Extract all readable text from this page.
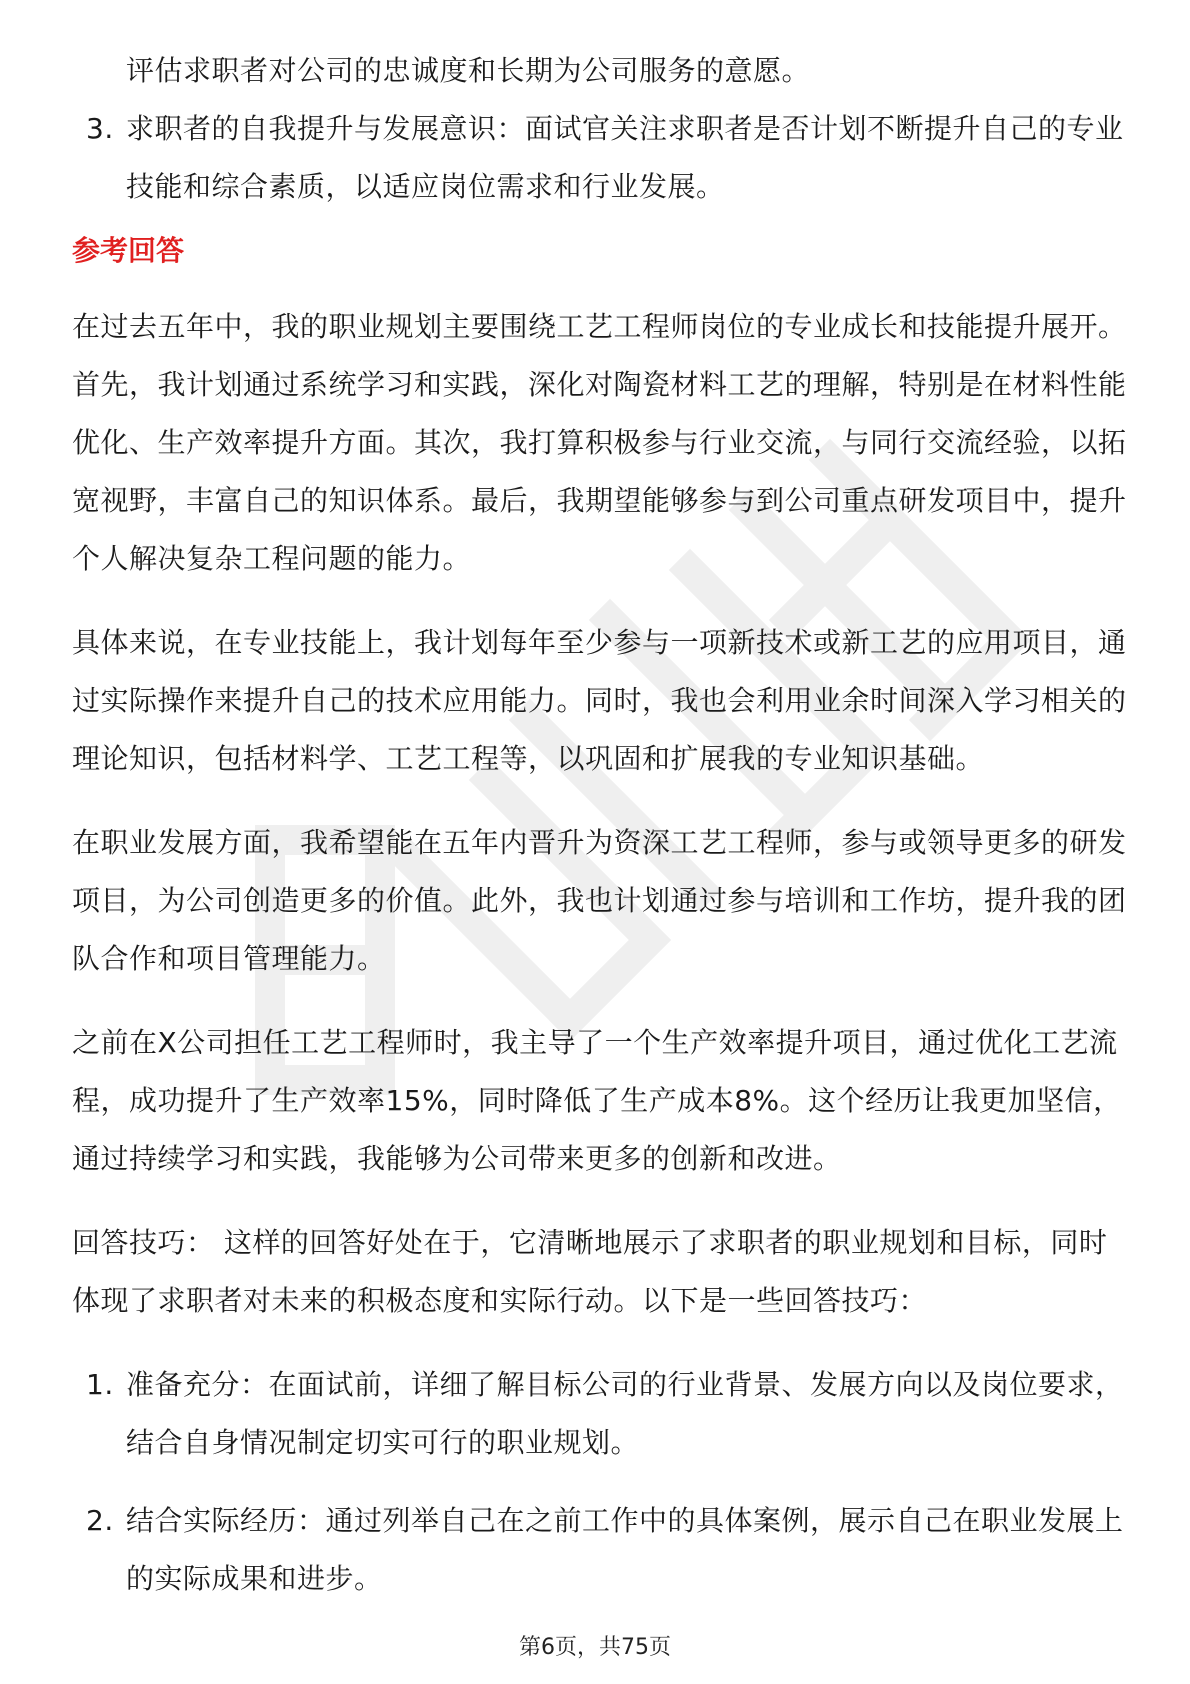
评估求职者对公司的忠诚度和长期为公司服务的意愿。
3. 求职者的自我提升与发展意识：面试官关注求职者是否计划不断提升自己的专业技能和综合素质，以适应岗位需求和行业发展。
参考回答

在过去五年中，我的职业规划主要围绕工艺工程师岗位的专业成长和技能提升展开。首先，我计划通过系统学习和实践，深化对陶瓷材料工艺的理解，特别是在材料性能优化、生产效率提升方面。其次，我打算积极参与行业交流，与同行交流经验，以拓宽视野，丰富自己的知识体系。最后，我期望能够参与到公司重点研发项目中，提升个人解决复杂工程问题的能力。

具体来说，在专业技能上，我计划每年至少参与一项新技术或新工艺的应用项目，通过实际操作来提升自己的技术应用能力。同时，我也会利用业余时间深入学习相关的理论知识，包括材料学、工艺工程等，以巩固和扩展我的专业知识基础。

在职业发展方面，我希望能在五年内晋升为资深工艺工程师，参与或领导更多的研发项目，为公司创造更多的价值。此外，我也计划通过参与培训和工作坊，提升我的团队合作和项目管理能力。

之前在X公司担任工艺工程师时，我主导了一个生产效率提升项目，通过优化工艺流程，成功提升了生产效率15%，同时降低了生产成本8%。这个经历让我更加坚信，通过持续学习和实践，我能够为公司带来更多的创新和改进。

回答技巧： 这样的回答好处在于，它清晰地展示了求职者的职业规划和目标，同时体现了求职者对未来的积极态度和实际行动。以下是一些回答技巧：

1. 准备充分：在面试前，详细了解目标公司的行业背景、发展方向以及岗位要求，结合自身情况制定切实可行的职业规划。
2. 结合实际经历：通过列举自己在之前工作中的具体案例，展示自己在职业发展上的实际成果和进步。
第6页，共75页
